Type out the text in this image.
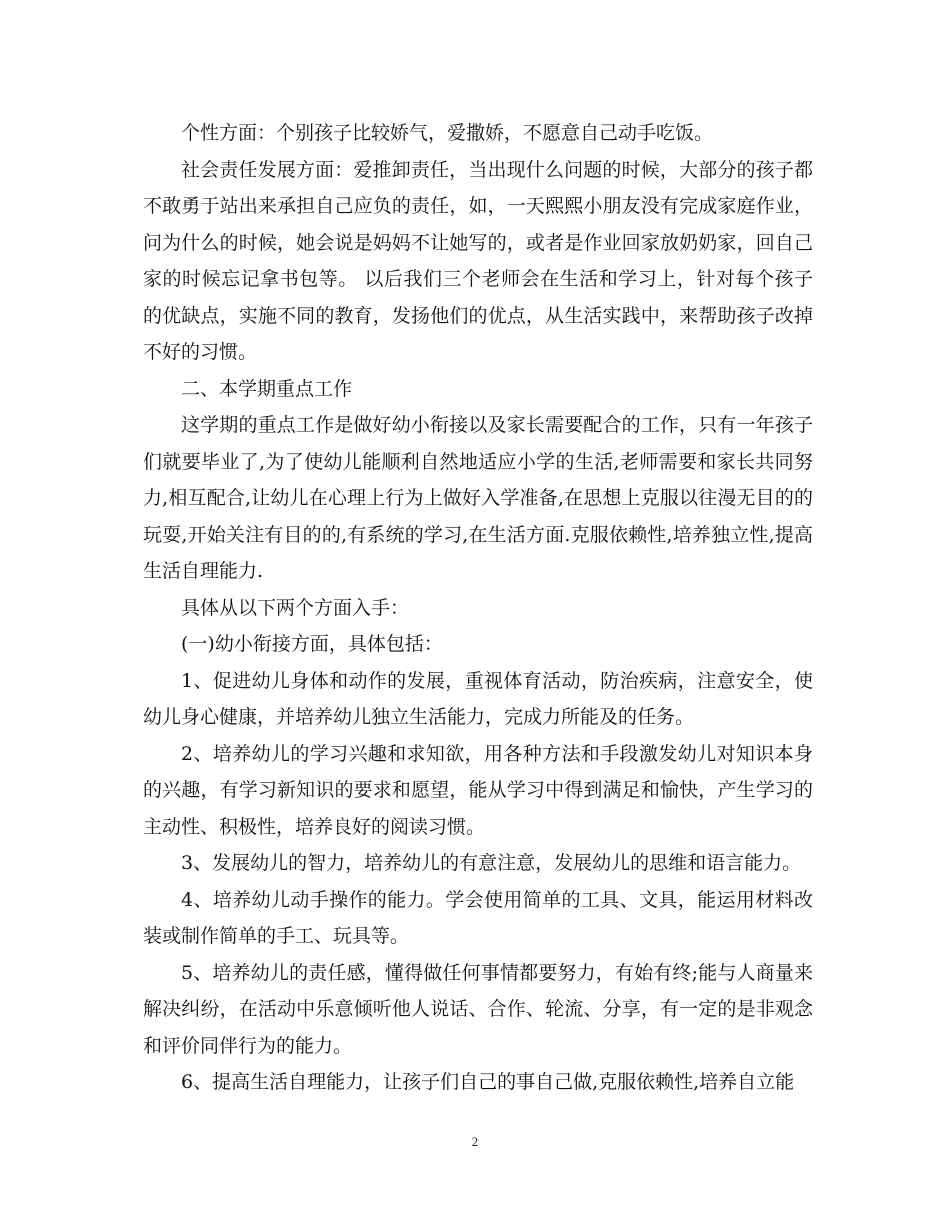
个性方面：个别孩子比较娇气，爱撒娇，不愿意自己动手吃饭。

社会责任发展方面：爱推卸责任，当出现什么问题的时候，大部分的孩子都不敢勇于站出来承担自己应负的责任，如，一天熙熙小朋友没有完成家庭作业，问为什么的时候，她会说是妈妈不让她写的，或者是作业回家放奶奶家，回自己家的时候忘记拿书包等。 以后我们三个老师会在生活和学习上，针对每个孩子的优缺点，实施不同的教育，发扬他们的优点，从生活实践中，来帮助孩子改掉不好的习惯。

二、本学期重点工作

这学期的重点工作是做好幼小衔接以及家长需要配合的工作，只有一年孩子们就要毕业了,为了使幼儿能顺利自然地适应小学的生活,老师需要和家长共同努力,相互配合,让幼儿在心理上行为上做好入学准备,在思想上克服以往漫无目的的玩耍,开始关注有目的的,有系统的学习,在生活方面.克服依赖性,培养独立性,提高生活自理能力.

具体从以下两个方面入手：

(一)幼小衔接方面，具体包括：

1、促进幼儿身体和动作的发展，重视体育活动，防治疾病，注意安全，使幼儿身心健康，并培养幼儿独立生活能力，完成力所能及的任务。

2、培养幼儿的学习兴趣和求知欲，用各种方法和手段激发幼儿对知识本身的兴趣，有学习新知识的要求和愿望，能从学习中得到满足和愉快，产生学习的主动性、积极性，培养良好的阅读习惯。

3、发展幼儿的智力，培养幼儿的有意注意，发展幼儿的思维和语言能力。

4、培养幼儿动手操作的能力。学会使用简单的工具、文具，能运用材料改装或制作简单的手工、玩具等。

5、培养幼儿的责任感，懂得做任何事情都要努力，有始有终;能与人商量来解决纠纷，在活动中乐意倾听他人说话、合作、轮流、分享，有一定的是非观念和评价同伴行为的能力。

6、提高生活自理能力，让孩子们自己的事自己做,克服依赖性,培养自立能

2
